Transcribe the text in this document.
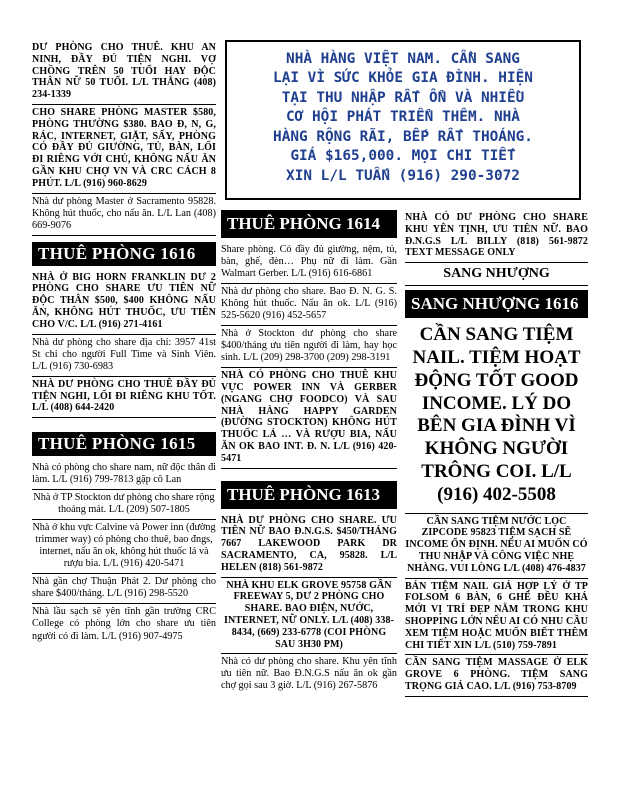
NHÀ HÀNG VIỆT NAM. CẦN SANG
LẠI VÌ SỨC KHỎE GIA ĐÌNH. HIỆN
TẠI THU NHẬP RẤT ỔN VÀ NHIỀU
CƠ HỘI PHÁT TRIỂN THÊM. NHÀ
HÀNG RỘNG RÃI, BẾP RẤT THOÁNG.
GIÁ $165,000. MỌI CHI TIẾT
XIN L/L TUẤN (916) 290-3072
DƯ PHÒNG CHO THUÊ. KHU AN NINH, ĐẦY ĐỦ TIỆN NGHI. VỢ CHỒNG TRÊN 50 TUỔI HAY ĐỘC THÂN NỮ 50 TUỔI. L/L THẮNG (408) 234-1339
CHO SHARE PHÒNG MASTER $580, PHÒNG THƯỜNG $380. BAO Đ, N, G, RÁC, INTERNET, GIẶT, SẤY, PHÒNG CÓ ĐẦY ĐỦ GIƯỜNG, TỦ, BÀN, LỐI ĐI RIÊNG VỚI CHỦ, KHÔNG NẤU ĂN GẦN KHU CHỢ VN VÀ CRC CÁCH 8 PHÚT. L/L (916) 960-8629
Nhà dư phòng Master ở Sacramento 95828. Không hút thuốc, cho nấu ăn. L/L Lan (408) 669-9076
THUÊ PHÒNG 1616
NHÀ Ở BIG HORN FRANKLIN DƯ 2 PHÒNG CHO SHARE ƯU TIÊN NỮ ĐỘC THÂN $500, $400 KHÔNG NẤU ĂN, KHÔNG HÚT THUỐC, ƯU TIÊN CHO V/C. L/L (916) 271-4161
Nhà dư phòng cho share địa chỉ: 3957 41st St chỉ cho người Full Time và Sinh Viên. L/L (916) 730-6983
NHÀ DƯ PHÒNG CHO THUÊ ĐẦY ĐỦ TIỆN NGHI, LỐI ĐI RIÊNG KHU TỐT. L/L (408) 644-2420
THUÊ PHÒNG 1615
Nhà có phòng cho share nam, nữ độc thân đi làm. L/L (916) 799-7813 gặp cô Lan
Nhà ở TP Stockton dư phòng cho share rộng thoáng mát. L/L (209) 507-1805
Nhà ở khu vực Calvine và Power inn (đường trimmer way) có phòng cho thuê, bao đngs, internet, nấu ăn ok, không hút thuốc lá và rượu bia. L/L (916) 420-5471
Nhà gần chợ Thuận Phát 2. Dư phòng cho share $400/tháng. L/L (916) 298-5520
Nhà lầu sạch sẽ yên tĩnh gần trường CRC College có phòng lớn cho share ưu tiên người có đi làm. L/L (916) 907-4975
THUÊ PHÒNG 1614
Share phòng. Có đầy đủ giường, nệm, tủ, bàn, ghế, đèn… Phụ nữ đi làm. Gần Walmart Gerber. L/L (916) 616-6861
Nhà dư phòng cho share. Bao Đ. N. G. S. Không hút thuốc. Nấu ăn ok. L/L (916) 525-5620 (916) 452-5657
Nhà ở Stockton dư phòng cho share $400/tháng ưu tiên người đi làm, hay học sinh. L/L (209) 298-3700 (209) 298-3191
NHÀ CÓ PHÒNG CHO THUÊ KHU VỰC POWER INN VÀ GERBER (NGANG CHỢ FOODCO) VÀ SAU NHÀ HÀNG HAPPY GARDEN (ĐƯỜNG STOCKTON) KHÔNG HÚT THUỐC LÁ … VÀ RƯỢU BIA, NẤU ĂN OK BAO INT. Đ. N. L/L (916) 420-5471
THUÊ PHÒNG 1613
NHÀ DƯ PHÒNG CHO SHARE. ƯU TIÊN NỮ BAO Đ.N.G.S. $450/THÁNG 7667 LAKEWOOD PARK DR SACRAMENTO, CA, 95828. L/L HELEN (818) 561-9872
NHÀ KHU ELK GROVE 95758 GẦN FREEWAY 5, DƯ 2 PHÒNG CHO SHARE. BAO ĐIỆN, NƯỚC, INTERNET, NỮ ONLY. L/L (408) 338-8434, (669) 233-6778 (COI PHÒNG SAU 3H30 PM)
Nhà có dư phòng cho share. Khu yên tĩnh ưu tiên nữ. Bao Đ.N.G.S nấu ăn ok gần chợ gọi sau 3 giờ. L/L (916) 267-5876
NHÀ CÓ DƯ PHÒNG CHO SHARE KHU YÊN TỊNH, ƯU TIÊN NỮ. BAO Đ.N.G.S L/L BILLY (818) 561-9872 TEXT MESSAGE ONLY
SANG NHƯỢNG
SANG NHƯỢNG 1616
CẦN SANG TIỆM NAIL. TIỆM HOẠT ĐỘNG TỐT GOOD INCOME. LÝ DO BÊN GIA ĐÌNH VÌ KHÔNG NGƯỜI TRÔNG COI. L/L (916) 402-5508
CẦN SANG TIỆM NƯỚC LỌC ZIPCODE 95823 TIỆM SẠCH SẼ INCOME ỔN ĐỊNH. NẾU AI MUỐN CÓ THU NHẬP VÀ CÔNG VIỆC NHẸ NHÀNG. VUI LÒNG L/L (408) 476-4837
BÁN TIỆM NAIL GIÁ HỢP LÝ Ở TP FOLSOM 6 BÀN, 6 GHẾ ĐỀU KHÁ MỚI VỊ TRÍ ĐẸP NẰM TRONG KHU SHOPPING LỚN NẾU AI CÓ NHU CẦU XEM TIỆM HOẶC MUỐN BIẾT THÊM CHI TIẾT XIN L/L (510) 759-7891
CẦN SANG TIỆM MASSAGE Ở ELK GROVE 6 PHÒNG. TIỆM SANG TRỌNG GIÁ CAO. L/L (916) 753-8709
